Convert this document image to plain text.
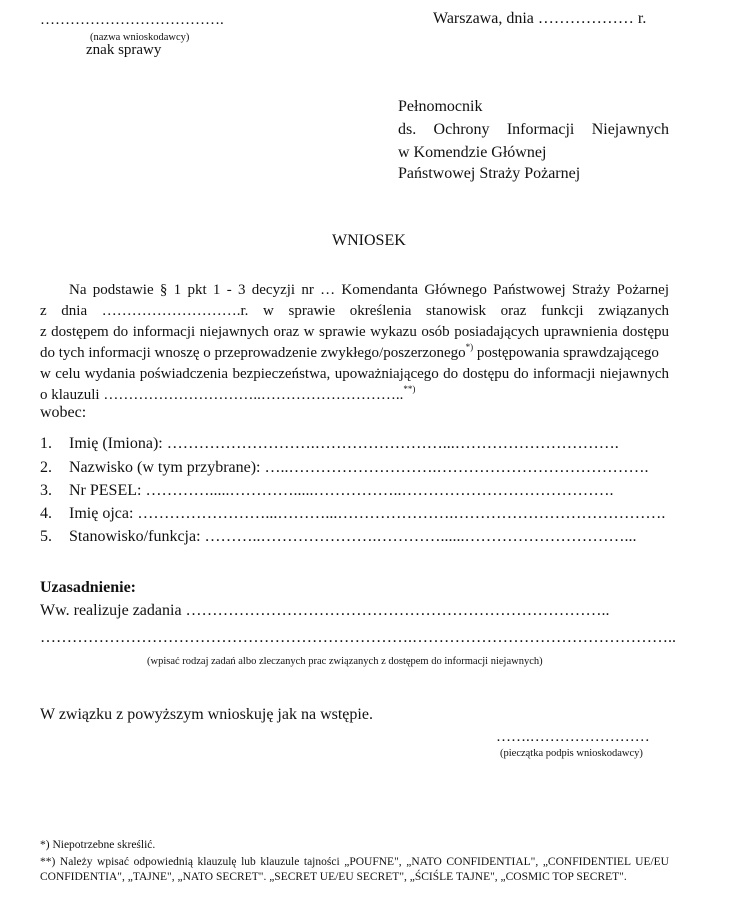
……………………………….
(nazwa wnioskodawcy)
znak sprawy
Warszawa, dnia ……………… r.
Pełnomocnik
ds. Ochrony Informacji Niejawnych
w Komendzie Głównej
Państwowej Straży Pożarnej
WNIOSEK
Na podstawie § 1 pkt 1 - 3 decyzji nr … Komendanta Głównego Państwowej Straży Pożarnej
z dnia ……………………….r. w sprawie określenia stanowisk oraz funkcji związanych
z dostępem do informacji niejawnych oraz w sprawie wykazu osób posiadających uprawnienia dostępu
do tych informacji wnoszę o przeprowadzenie zwykłego/poszerzonego*) postępowania sprawdzającego
w celu wydania poświadczenia bezpieczeństwa, upoważniającego do dostępu do informacji niejawnych
o klauzuli …………………………..………………………..**)
wobec:
1. Imię (Imiona): ……………………….……………………...………………………….
2. Nazwisko (w tym przybrane): …..……………………….………………………………….
3. Nr PESEL: ………….....………….....……………..………………………………….
4. Imię ojca: ……………………...………...………………….………………………………….
5. Stanowisko/funkcja: ………..………………….…………......…………………………...
Uzasadnienie:
Ww. realizuje zadania ……………………………………………………………………..
…………………………………………………………….…………………………………………..
(wpisać rodzaj zadań albo zleczanych prac związanych z dostępem do informacji niejawnych)
W związku z powyższym wnioskuję jak na wstępie.
…….……………………
(pieczątka podpis wnioskodawcy)
*) Niepotrzebne skreślić.
**) Należy wpisać odpowiednią klauzulę lub klauzule tajności „POUFNE", „NATO CONFIDENTIAL", „CONFIDENTIEL UE/EU
CONFIDENTIA", „TAJNE", „NATO SECRET". „SECRET UE/EU SECRET", „ŚCIŚLE TAJNE", „COSMIC TOP SECRET".
